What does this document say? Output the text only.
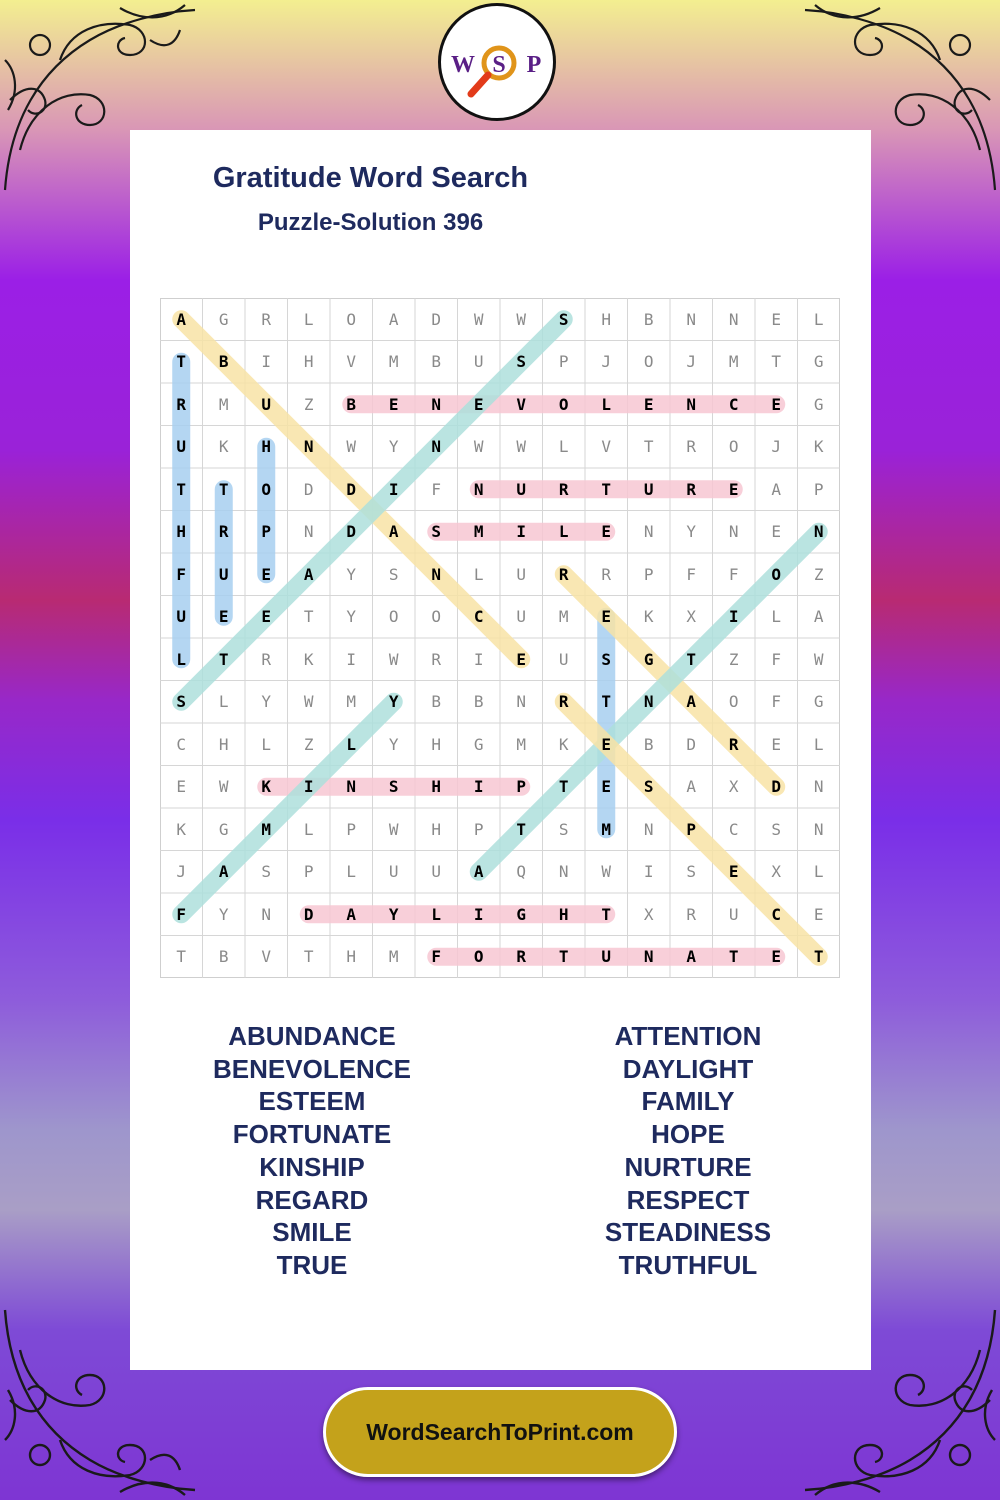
W S P
Gratitude Word Search
Puzzle-Solution 396
A	G	R	L	O	A	D	W	W	S	H	B	N	N	E	L
T	B	I	H	V	M	B	U	S	P	J	O	J	M	T	G
R	M	U	Z	B	E	N	E	V	O	L	E	N	C	E	G
U	K	H	N	W	Y	N	W	W	L	V	T	R	O	J	K
T	T	O	D	D	I	F	N	U	R	T	U	R	E	A	P
H	R	P	N	D	A	S	M	I	L	E	N	Y	N	E	N
F	U	E	A	Y	S	N	L	U	R	R	P	F	F	O	Z
U	E	E	T	Y	O	O	C	U	M	E	K	X	I	L	A
L	T	R	K	I	W	R	I	E	U	S	G	T	Z	F	W
S	L	Y	W	M	Y	B	B	N	R	T	N	A	O	F	G
C	H	L	Z	L	Y	H	G	M	K	E	B	D	R	E	L
E	W	K	I	N	S	H	I	P	T	E	S	A	X	D	N
K	G	M	L	P	W	H	P	T	S	M	N	P	C	S	N
J	A	S	P	L	U	U	A	Q	N	W	I	S	E	X	L
F	Y	N	D	A	Y	L	I	G	H	T	X	R	U	C	E
T	B	V	T	H	M	F	O	R	T	U	N	A	T	E	T
ABUNDANCE
BENEVOLENCE
ESTEEM
FORTUNATE
KINSHIP
REGARD
SMILE
TRUE
ATTENTION
DAYLIGHT
FAMILY
HOPE
NURTURE
RESPECT
STEADINESS
TRUTHFUL
WordSearchToPrint.com
